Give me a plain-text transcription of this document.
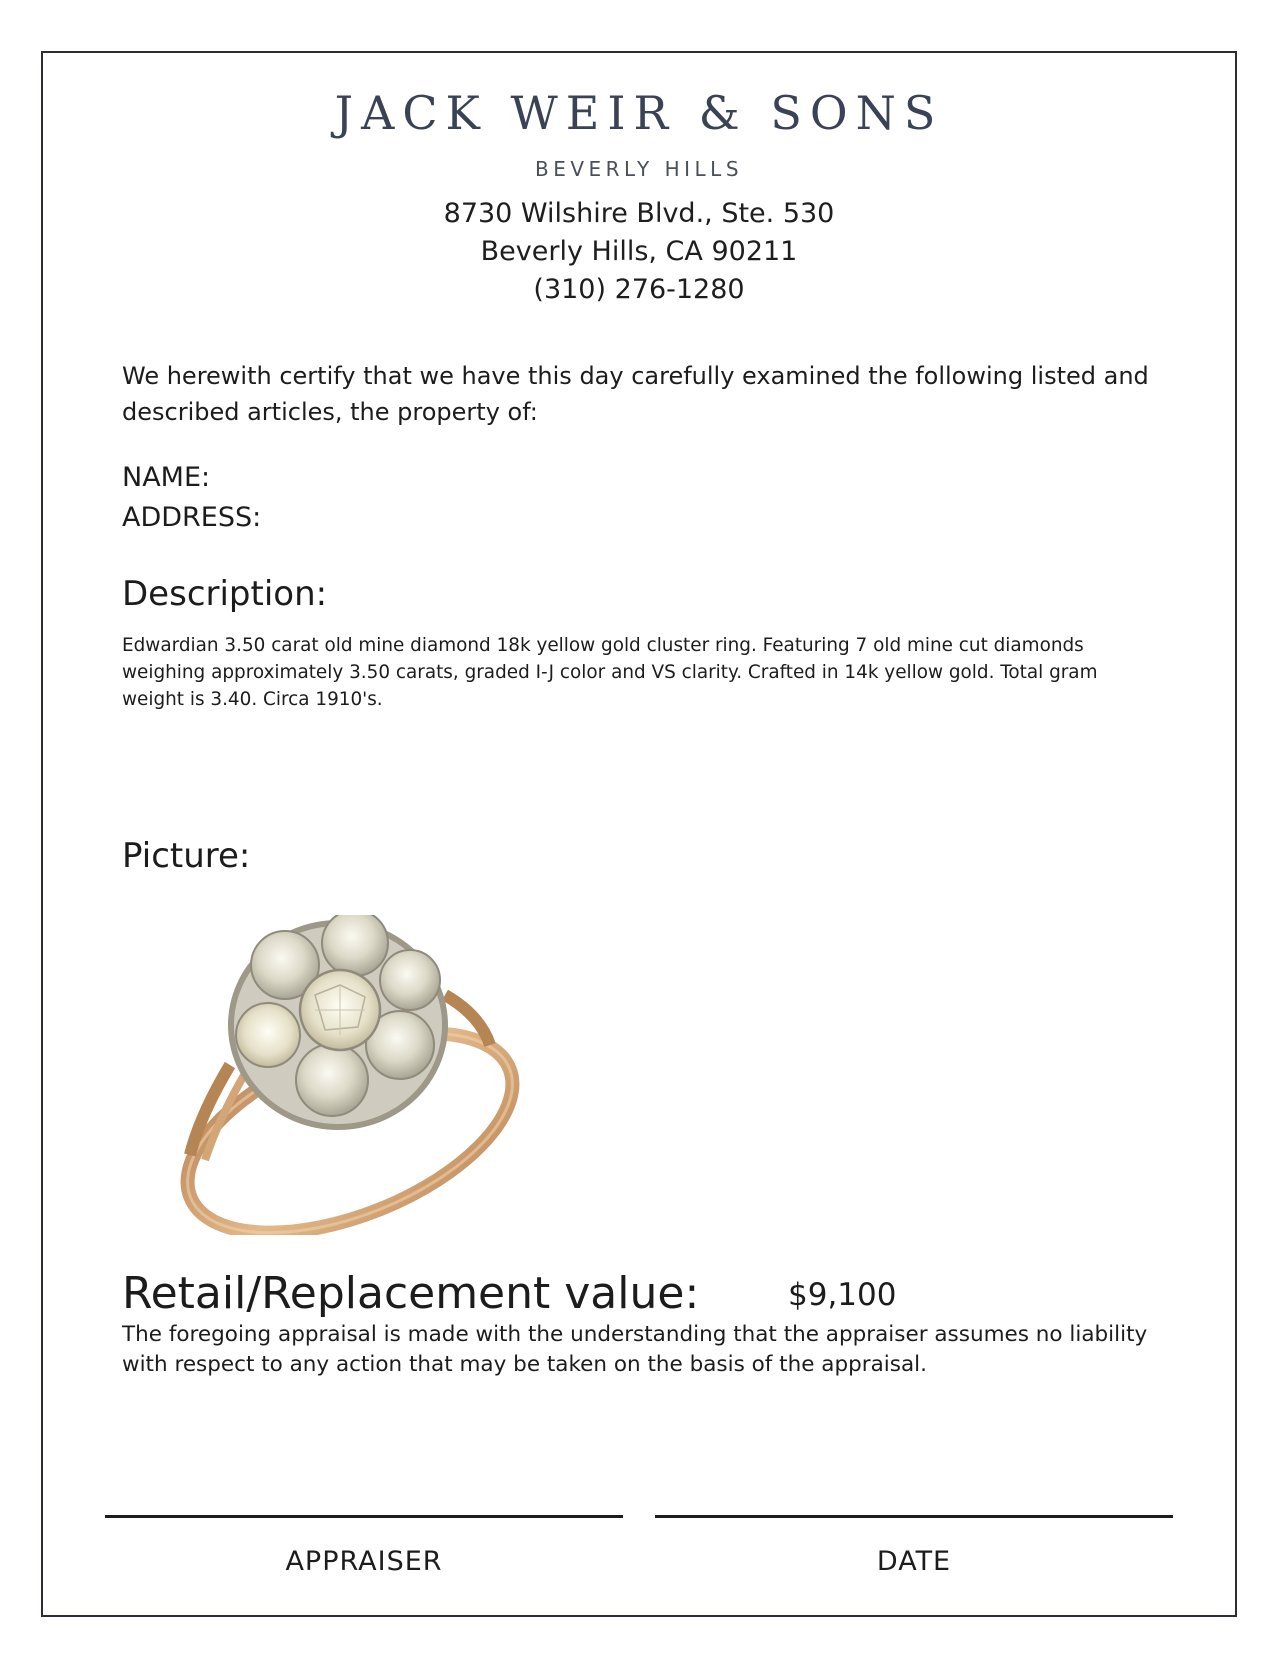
JACK WEIR & SONS
BEVERLY HILLS
8730 Wilshire Blvd., Ste. 530
Beverly Hills, CA 90211
(310) 276-1280
We herewith certify that we have this day carefully examined the following listed and described articles, the property of:
NAME:
ADDRESS:
Description:
Edwardian 3.50 carat old mine diamond 18k yellow gold cluster ring. Featuring 7 old mine cut diamonds weighing approximately 3.50 carats, graded I-J color and VS clarity. Crafted in 14k yellow gold. Total gram weight is 3.40. Circa 1910's.
Picture:
Retail/Replacement value:	$9,100
The foregoing appraisal is made with the understanding that the appraiser assumes no liability with respect to any action that may be taken on the basis of the appraisal.
APPRAISER	DATE
